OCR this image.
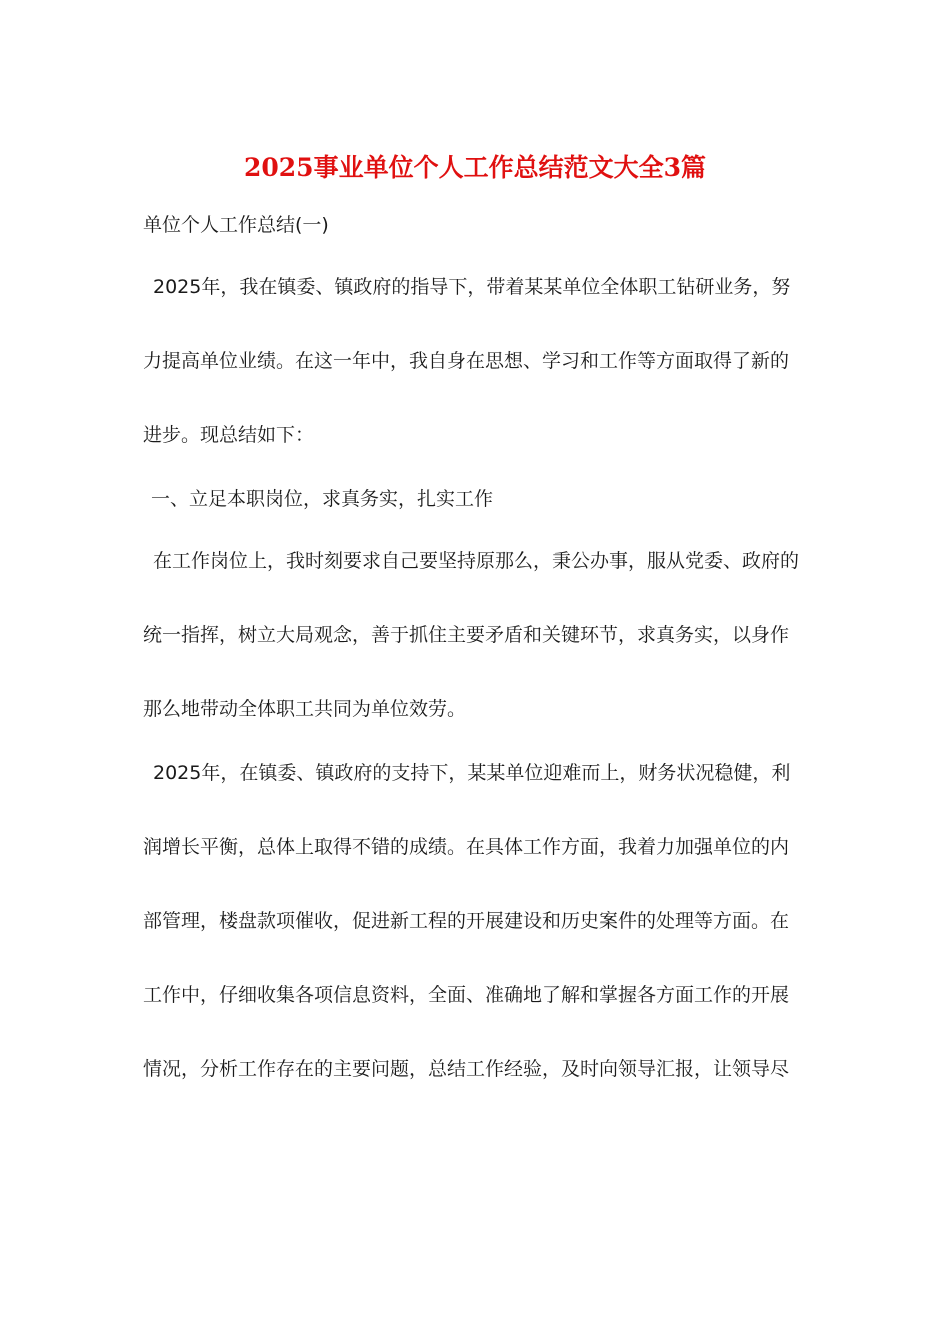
2025事业单位个人工作总结范文大全3篇

单位个人工作总结(一)

2025年，我在镇委、镇政府的指导下，带着某某单位全体职工钻研业务，努

力提高单位业绩。在这一年中，我自身在思想、学习和工作等方面取得了新的

进步。现总结如下：

一、立足本职岗位，求真务实，扎实工作

在工作岗位上，我时刻要求自己要坚持原那么，秉公办事，服从党委、政府的

统一指挥，树立大局观念，善于抓住主要矛盾和关键环节，求真务实，以身作

那么地带动全体职工共同为单位效劳。

2025年，在镇委、镇政府的支持下，某某单位迎难而上，财务状况稳健，利

润增长平衡，总体上取得不错的成绩。在具体工作方面，我着力加强单位的内

部管理，楼盘款项催收，促进新工程的开展建设和历史案件的处理等方面。在

工作中，仔细收集各项信息资料，全面、准确地了解和掌握各方面工作的开展

情况，分析工作存在的主要问题，总结工作经验，及时向领导汇报，让领导尽
